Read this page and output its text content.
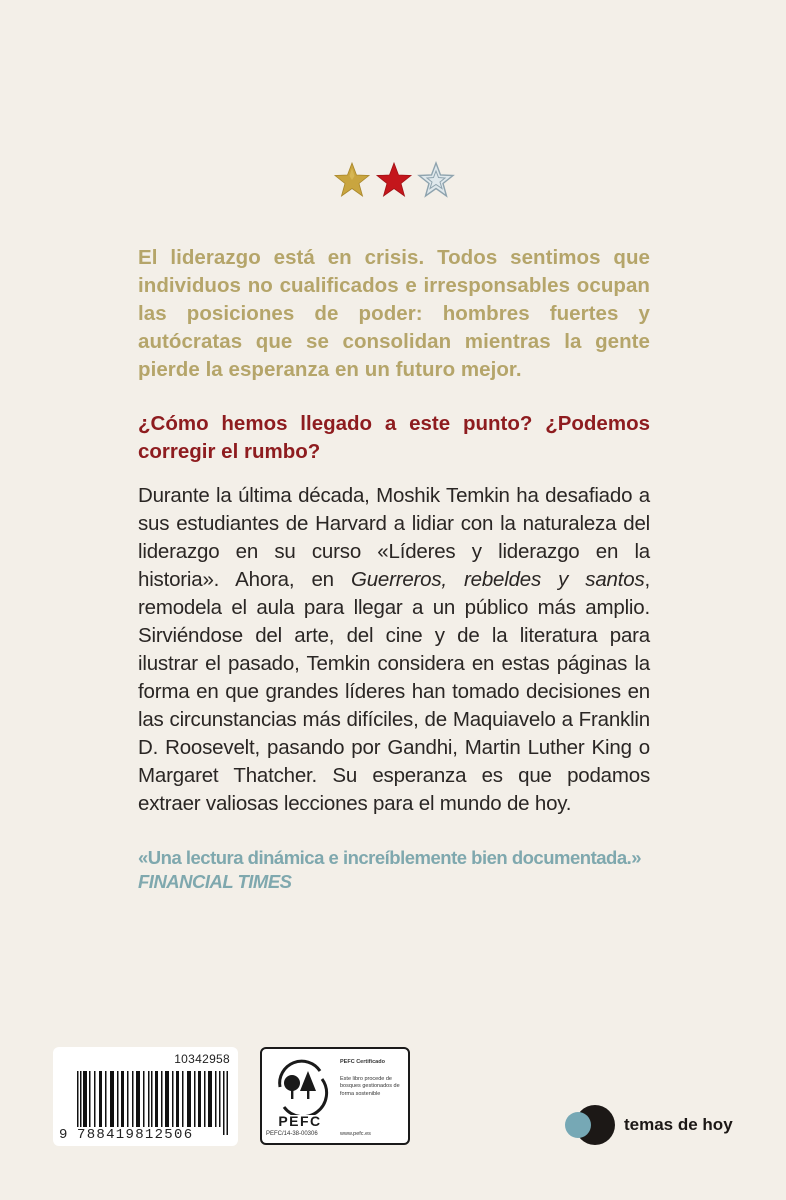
El liderazgo está en crisis. Todos sentimos que individuos no cualificados e irresponsables ocupan las posiciones de poder: hombres fuertes y autócratas que se consolidan mientras la gente pierde la esperanza en un futuro mejor.
¿Cómo hemos llegado a este punto? ¿Podemos corregir el rumbo?

Durante la última década, Moshik Temkin ha desafiado a sus estudiantes de Harvard a lidiar con la naturaleza del liderazgo en su curso «Líderes y liderazgo en la historia». Ahora, en Guerreros, rebeldes y santos, remodela el aula para llegar a un público más amplio. Sirviéndose del arte, del cine y de la literatura para ilustrar el pasado, Temkin considera en estas páginas la forma en que grandes líderes han tomado decisiones en las circunstancias más difíciles, de Maquiavelo a Franklin D. Roosevelt, pasando por Gandhi, Martin Luther King o Margaret Thatcher. Su esperanza es que podamos extraer valiosas lecciones para el mundo de hoy.

«Una lectura dinámica e increíblemente bien documentada.»
FINANCIAL TIMES
10342958
9 788419812506
PEFC
PEFC/14-38-00306
PEFC Certificado
Este libro procede de bosques gestionados de forma sostenible
www.pefc.es	temas de hoy
